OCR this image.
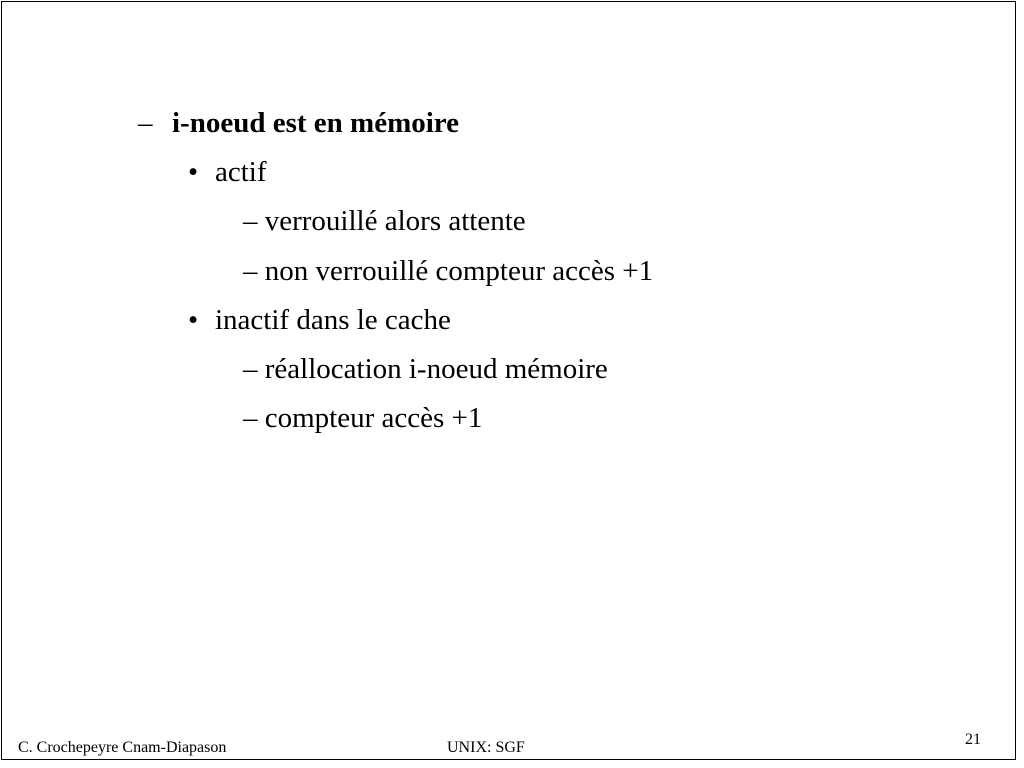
– i-noeud est en mémoire
• actif
– verrouillé alors attente
– non verrouillé compteur accès +1
• inactif dans le cache
– réallocation i-noeud mémoire
– compteur accès +1
C. Crochepeyre Cnam-Diapason	UNIX: SGF	21
